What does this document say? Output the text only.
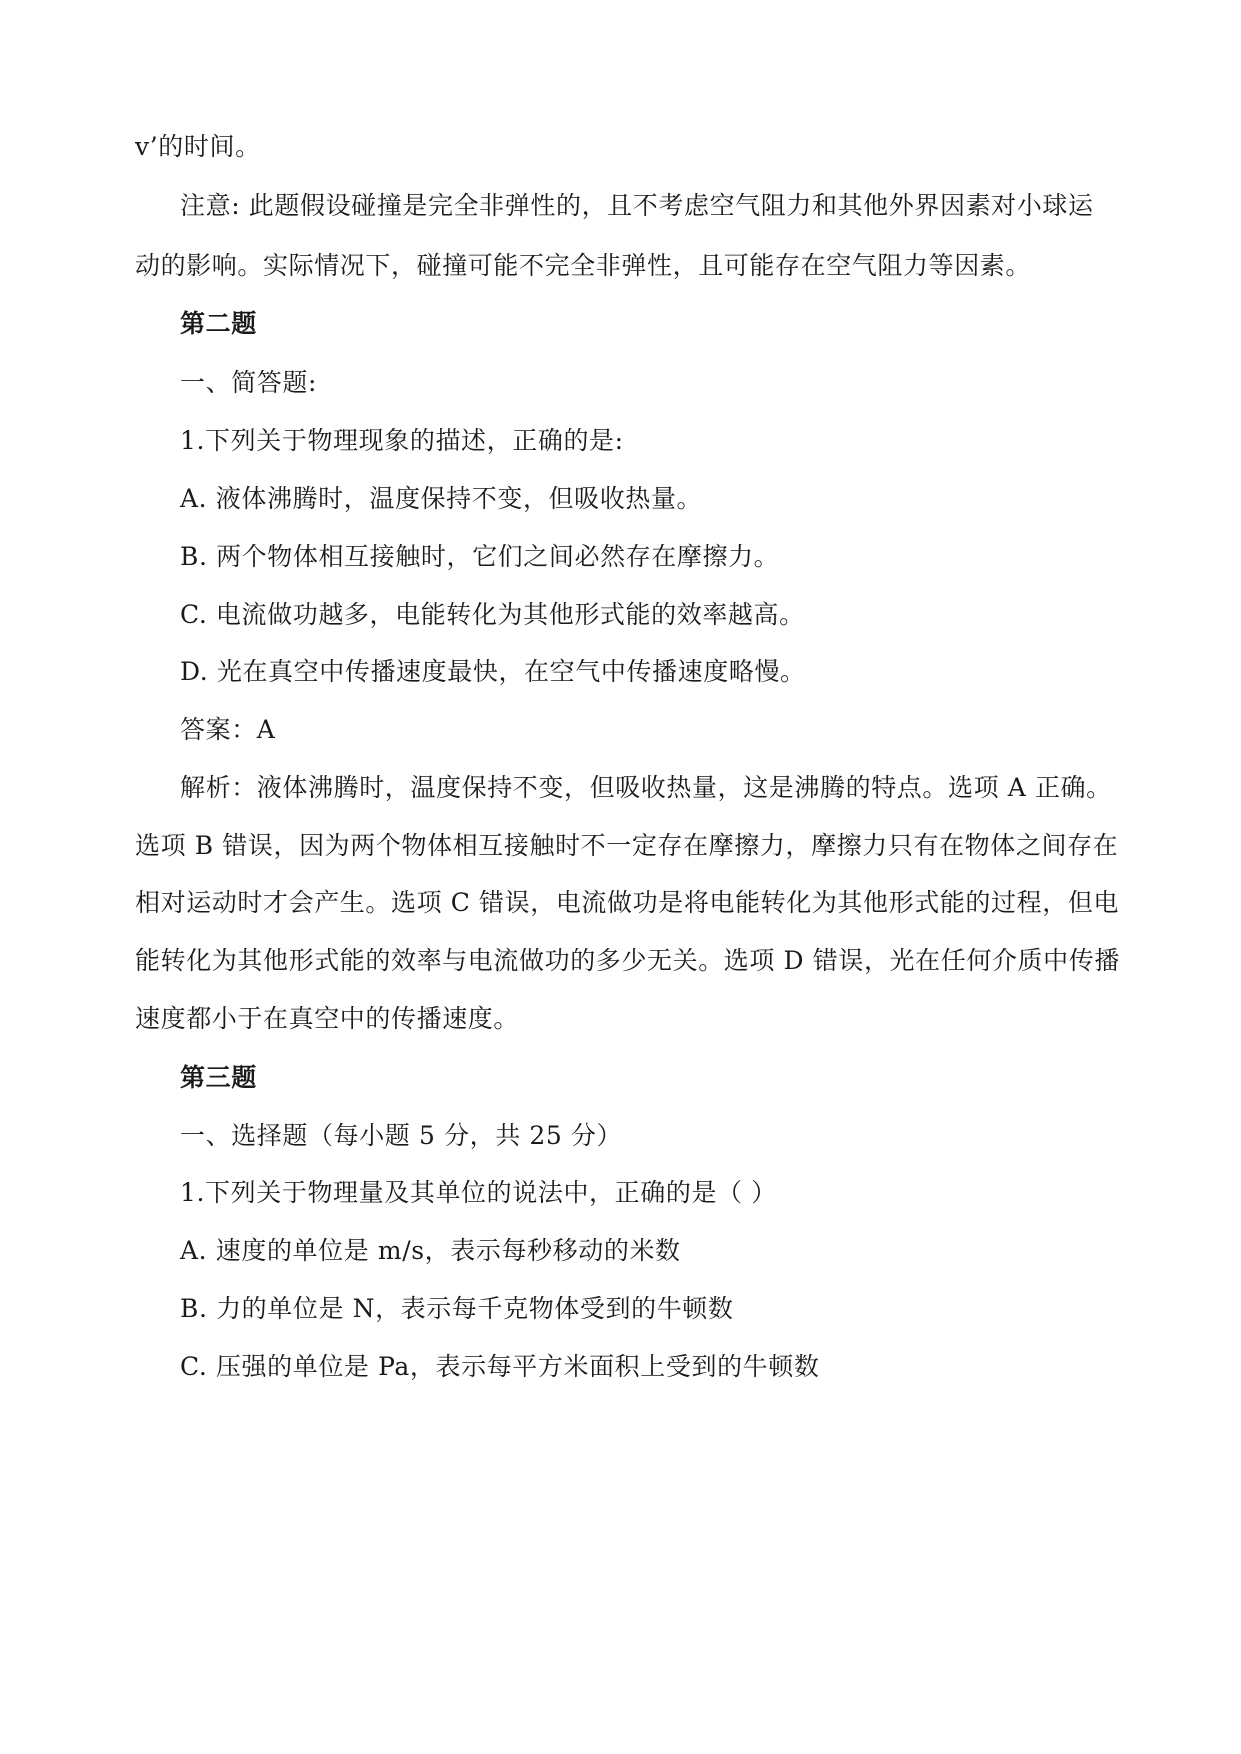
v’的时间。
注意: 此题假设碰撞是完全非弹性的，且不考虑空气阻力和其他外界因素对小球运
动的影响。实际情况下，碰撞可能不完全非弹性，且可能存在空气阻力等因素。
第二题
一、简答题:
1.下列关于物理现象的描述，正确的是:
A. 液体沸腾时，温度保持不变，但吸收热量。
B. 两个物体相互接触时，它们之间必然存在摩擦力。
C. 电流做功越多，电能转化为其他形式能的效率越高。
D. 光在真空中传播速度最快，在空气中传播速度略慢。
答案：A
解析：液体沸腾时，温度保持不变，但吸收热量，这是沸腾的特点。选项 A 正确。
选项 B 错误，因为两个物体相互接触时不一定存在摩擦力，摩擦力只有在物体之间存在
相对运动时才会产生。选项 C 错误，电流做功是将电能转化为其他形式能的过程，但电
能转化为其他形式能的效率与电流做功的多少无关。选项 D 错误，光在任何介质中传播
速度都小于在真空中的传播速度。
第三题
一、选择题（每小题 5 分，共 25 分）
1.下列关于物理量及其单位的说法中，正确的是（ ）
A. 速度的单位是 m/s，表示每秒移动的米数
B. 力的单位是 N，表示每千克物体受到的牛顿数
C. 压强的单位是 Pa，表示每平方米面积上受到的牛顿数
